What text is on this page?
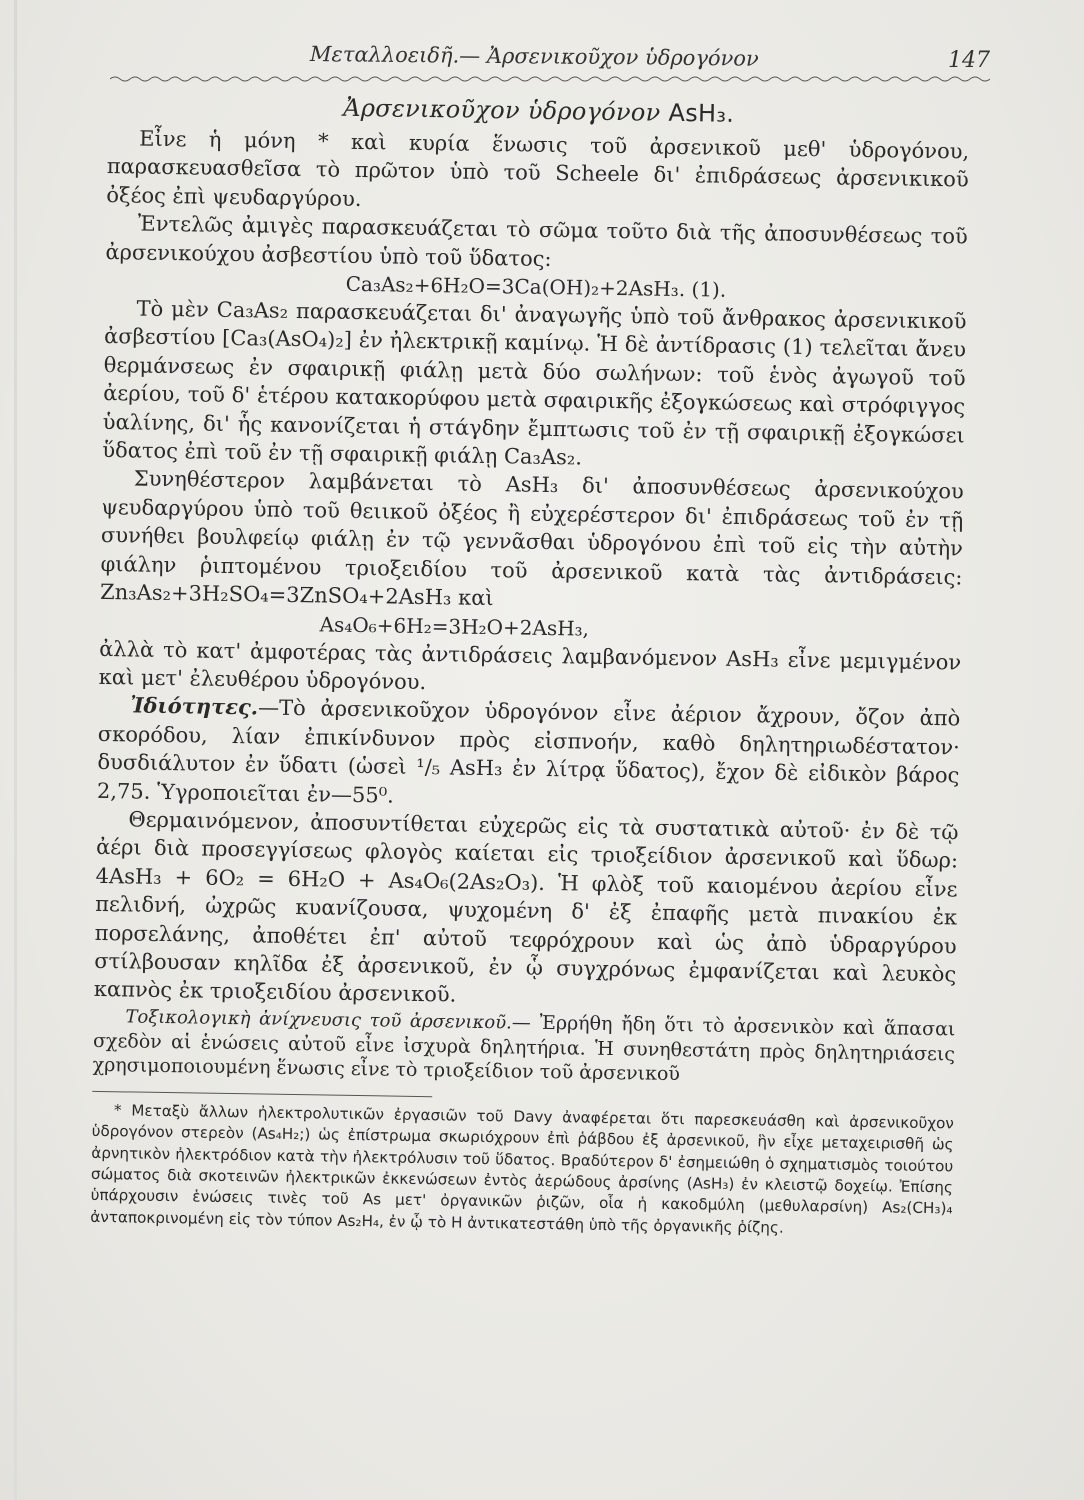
Μεταλλοειδῆ.— Ἀρσενικοῦχον ὑδρογόνον	147
Ἀρσενικοῦχον ὑδρογόνον AsH₃.

Εἶνε ἡ μόνη * καὶ κυρία ἕνωσις τοῦ ἀρσενικοῦ μεθ' ὑδρογόνου, παρασκευασθεῖσα τὸ πρῶτον ὑπὸ τοῦ Scheele δι' ἐπιδράσεως ἀρσενικικοῦ ὀξέος ἐπὶ ψευδαργύρου.

Ἐντελῶς ἀμιγὲς παρασκευάζεται τὸ σῶμα τοῦτο διὰ τῆς ἀποσυνθέσεως τοῦ ἀρσενικούχου ἀσβεστίου ὑπὸ τοῦ ὕδατος:

Ca₃As₂+6H₂O=3Ca(OH)₂+2AsH₃. (1).

Τὸ μὲν Ca₃As₂ παρασκευάζεται δι' ἀναγωγῆς ὑπὸ τοῦ ἄνθρακος ἀρσενικικοῦ ἀσβεστίου [Ca₃(AsO₄)₂] ἐν ἠλεκτρικῇ καμίνῳ. Ἡ δὲ ἀντίδρασις (1) τελεῖται ἄνευ θερμάνσεως ἐν σφαιρικῇ φιάλῃ μετὰ δύο σωλήνων: τοῦ ἑνὸς ἀγωγοῦ τοῦ ἀερίου, τοῦ δ' ἑτέρου κατακορύφου μετὰ σφαιρικῆς ἐξογκώσεως καὶ στρόφιγγος ὑαλίνης, δι' ἧς κανονίζεται ἡ στάγδην ἔμπτωσις τοῦ ἐν τῇ σφαιρικῇ ἐξογκώσει ὕδατος ἐπὶ τοῦ ἐν τῇ σφαιρικῇ φιάλῃ Ca₃As₂.

Συνηθέστερον λαμβάνεται τὸ AsH₃ δι' ἀποσυνθέσεως ἀρσενικούχου ψευδαργύρου ὑπὸ τοῦ θειικοῦ ὀξέος ἢ εὐχερέστερον δι' ἐπιδράσεως τοῦ ἐν τῇ συνήθει βουλφείῳ φιάλῃ ἐν τῷ γεννᾶσθαι ὑδρογόνου ἐπὶ τοῦ εἰς τὴν αὐτὴν φιάλην ῥιπτομένου τριοξειδίου τοῦ ἀρσενικοῦ κατὰ τὰς ἀντιδράσεις: Zn₃As₂+3H₂SO₄=3ZnSO₄+2AsH₃ καὶ

As₄O₆+6H₂=3H₂O+2AsH₃,

ἀλλὰ τὸ κατ' ἀμφοτέρας τὰς ἀντιδράσεις λαμβανόμενον AsH₃ εἶνε μεμιγμένον καὶ μετ' ἐλευθέρου ὑδρογόνου.

Ἰδιότητες.—Τὸ ἀρσενικοῦχον ὑδρογόνον εἶνε ἀέριον ἄχρουν, ὄζον ἀπὸ σκορόδου, λίαν ἐπικίνδυνον πρὸς εἰσπνοήν, καθὸ δηλητηριωδέστατον· δυσδιάλυτον ἐν ὕδατι (ὡσεὶ ¹/₅ AsH₃ ἐν λίτρᾳ ὕδατος), ἔχον δὲ εἰδικὸν βάρος 2,75. Ὑγροποιεῖται ἐν—55⁰.

Θερμαινόμενον, ἀποσυντίθεται εὐχερῶς εἰς τὰ συστατικὰ αὐτοῦ· ἐν δὲ τῷ ἀέρι διὰ προσεγγίσεως φλογὸς καίεται εἰς τριοξείδιον ἀρσενικοῦ καὶ ὕδωρ: 4AsH₃ + 6O₂ = 6H₂O + As₄O₆(2As₂O₃). Ἡ φλὸξ τοῦ καιομένου ἀερίου εἶνε πελιδνή, ὠχρῶς κυανίζουσα, ψυχομένη δ' ἐξ ἐπαφῆς μετὰ πινακίου ἐκ πορσελάνης, ἀποθέτει ἐπ' αὐτοῦ τεφρόχρουν καὶ ὡς ἀπὸ ὑδραργύρου στίλβουσαν κηλῖδα ἐξ ἀρσενικοῦ, ἐν ᾧ συγχρόνως ἐμφανίζεται καὶ λευκὸς καπνὸς ἐκ τριοξειδίου ἀρσενικοῦ.

Τοξικολογικὴ ἀνίχνευσις τοῦ ἀρσενικοῦ.— Ἐρρήθη ἤδη ὅτι τὸ ἀρσενικὸν καὶ ἅπασαι σχεδὸν αἱ ἑνώσεις αὐτοῦ εἶνε ἰσχυρὰ δηλητήρια. Ἡ συνηθεστάτη πρὸς δηλητηριάσεις χρησιμοποιουμένη ἕνωσις εἶνε τὸ τριοξείδιον τοῦ ἀρσενικοῦ

* Μεταξὺ ἄλλων ἠλεκτρολυτικῶν ἐργασιῶν τοῦ Davy ἀναφέρεται ὅτι παρεσκευάσθη καὶ ἀρσενικοῦχον ὑδρογόνον στερεὸν (As₄H₂;) ὡς ἐπίστρωμα σκωριόχρουν ἐπὶ ῥάβδου ἐξ ἀρσενικοῦ, ἣν εἶχε μεταχειρισθῆ ὡς ἀρνητικὸν ἠλεκτρόδιον κατὰ τὴν ἠλεκτρόλυσιν τοῦ ὕδατος. Βραδύτερον δ' ἐσημειώθη ὁ σχηματισμὸς τοιούτου σώματος διὰ σκοτεινῶν ἠλεκτρικῶν ἐκκενώσεων ἐντὸς ἀερώδους ἀρσίνης (AsH₃) ἐν κλειστῷ δοχείῳ. Ἐπίσης ὑπάρχουσιν ἑνώσεις τινὲς τοῦ As μετ' ὀργανικῶν ῥιζῶν, οἷα ἡ κακοδμύλη (μεθυλαρσίνη) As₂(CH₃)₄ ἀνταποκρινομένη εἰς τὸν τύπον As₂H₄, ἐν ᾧ τὸ H ἀντικατεστάθη ὑπὸ τῆς ὀργανικῆς ῥίζης.
